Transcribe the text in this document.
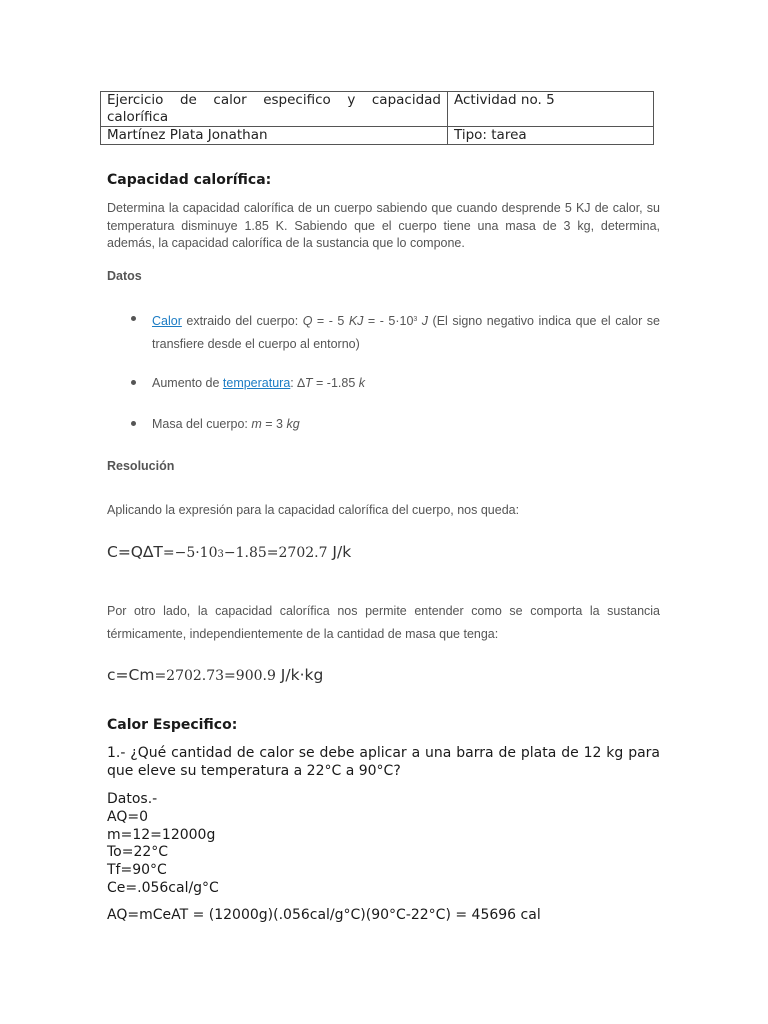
Ejercicio de calor especifico y capacidad calorífica	Actividad no. 5
Martínez Plata Jonathan	Tipo: tarea
Capacidad calorífica:
Determina la capacidad calorífica de un cuerpo sabiendo que cuando desprende 5 KJ de calor, su temperatura disminuye 1.85 K. Sabiendo que el cuerpo tiene una masa de 3 kg, determina, además, la capacidad calorífica de la sustancia que lo compone.
Datos
Calor extraido del cuerpo: Q = - 5 KJ = - $5\cdot 10^3$ J (El signo negativo indica que el calor se transfiere desde el cuerpo al entorno)
Aumento de temperatura: ∆T = -1.85 k
Masa del cuerpo: m = 3 kg
Resolución
Aplicando la expresión para la capacidad calorífica del cuerpo, nos queda:
C=Q∆T=−5·103−1.85=2702.7 J/k
Por otro lado, la capacidad calorífica nos permite entender como se comporta la sustancia térmicamente, independientemente de la cantidad de masa que tenga:
c=Cm=2702.73=900.9 J/k·kg
Calor Especifico:
1.- ¿Qué cantidad de calor se debe aplicar a una barra de plata de 12 kg para que eleve su temperatura a 22°C a 90°C?
Datos.-
AQ=0
m=12=12000g
To=22°C
Tf=90°C
Ce=.056cal/g°C
AQ=mCeAT = (12000g)(.056cal/g°C)(90°C-22°C) = 45696 cal
